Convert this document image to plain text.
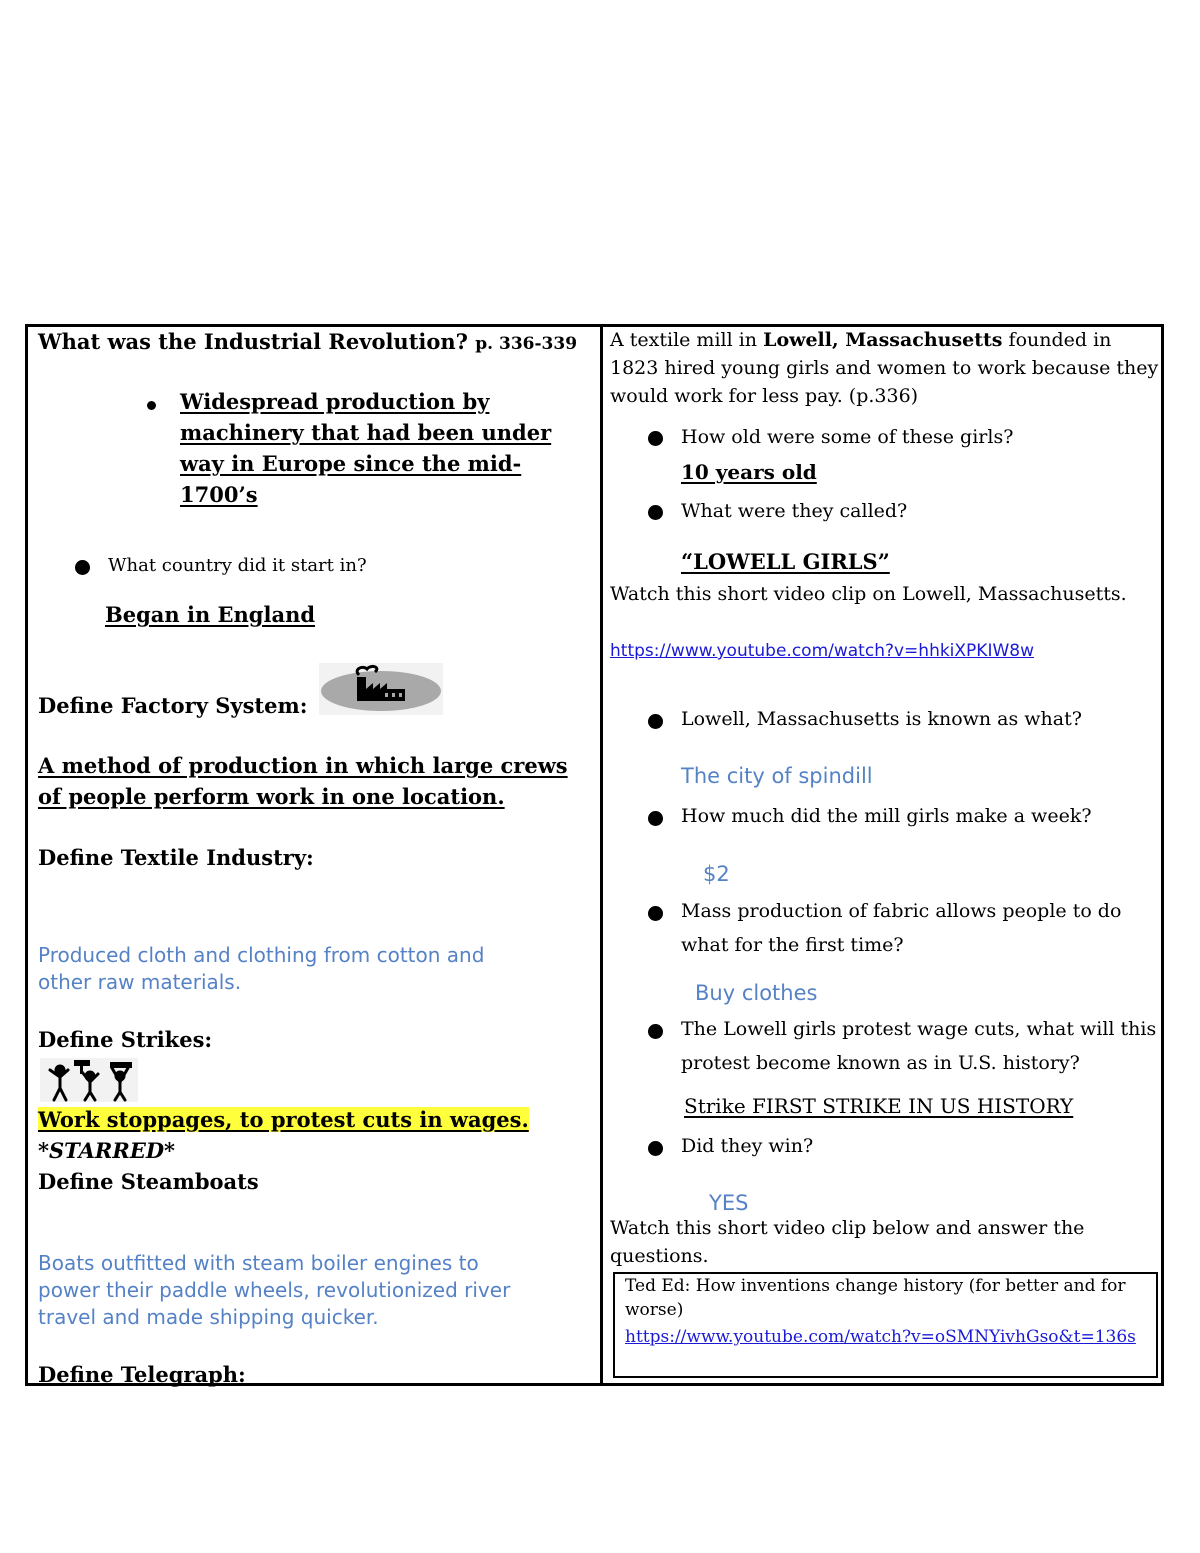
What was the Industrial Revolution? p. 336-339
Widespread production by
machinery that had been under
way in Europe since the mid-
1700’s
What country did it start in?
Began in England
Define Factory System:
A method of production in which large crews
of people perform work in one location.
Define Textile Industry:
Produced cloth and clothing from cotton and
other raw materials.
Define Strikes:
Work stoppages, to protest cuts in wages.
*STARRED*
Define Steamboats
Boats outfitted with steam boiler engines to
power their paddle wheels, revolutionized river
travel and made shipping quicker.
Define Telegraph:
A textile mill in Lowell, Massachusetts founded in
1823 hired young girls and women to work because they
would work for less pay. (p.336)
How old were some of these girls?
10 years old
What were they called?
“LOWELL GIRLS”
Watch this short video clip on Lowell, Massachusetts.
https://www.youtube.com/watch?v=hhkiXPKIW8w
Lowell, Massachusetts is known as what?
The city of spindill
How much did the mill girls make a week?
$2
Mass production of fabric allows people to do
what for the first time?
Buy clothes
The Lowell girls protest wage cuts, what will this
protest become known as in U.S. history?
Strike FIRST STRIKE IN US HISTORY
Did they win?
YES
Watch this short video clip below and answer the
questions.
Ted Ed: How inventions change history (for better and for
worse)
https://www.youtube.com/watch?v=oSMNYivhGso&t=136s
